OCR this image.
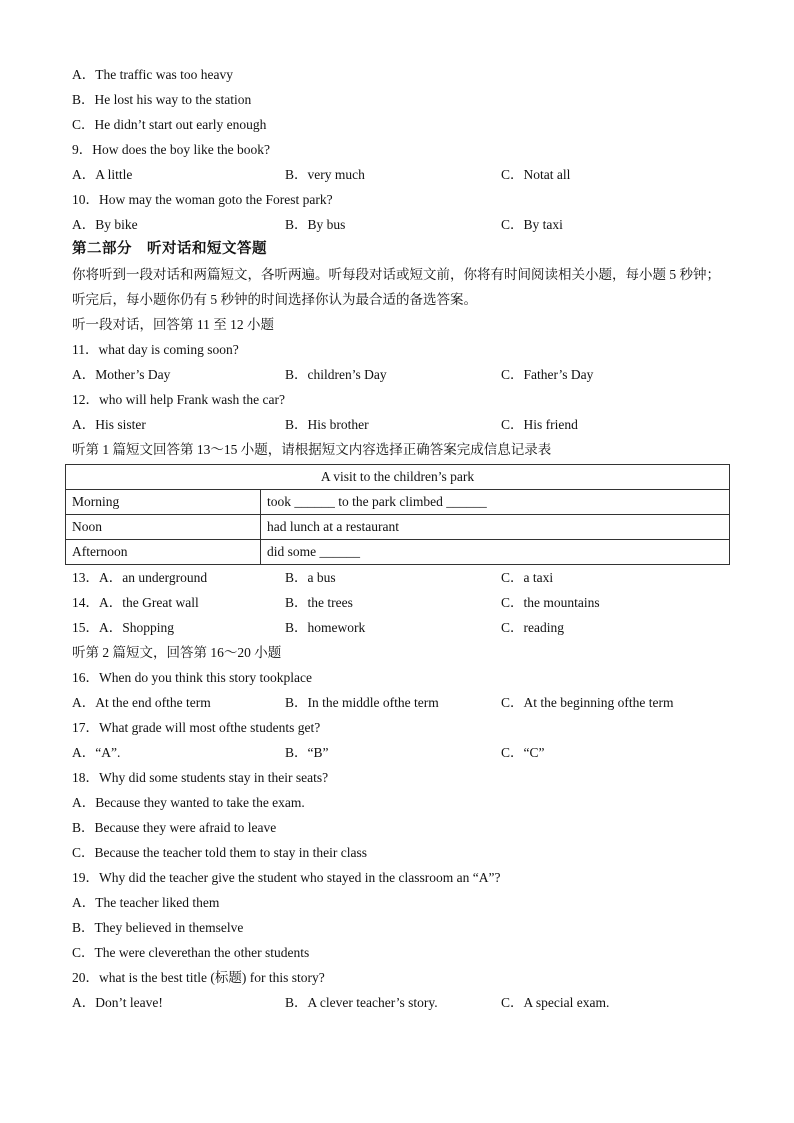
A．The traffic was too heavy
B．He lost his way to the station
C．He didn’t start out early enough
9．How does the boy like the book?
A．A little	B．very much	C．Notat all
10．How may the woman goto the Forest park?
A．By bike	B．By bus	C．By taxi
第二部分　听对话和短文答题
你将听到一段对话和两篇短文，各听两遍。听每段对话或短文前，你将有时间阅读相关小题，每小题 5 秒钟；听完后，每小题你仍有 5 秒钟的时间选择你认为最合适的备选答案。
听一段对话，回答第 11 至 12 小题
11．what day is coming soon?
A．Mother’s Day	B．children’s Day	C．Father’s Day
12．who will help Frank wash the car?
A．His sister	B．His brother	C．His friend
听第 1 篇短文回答第 13～15 小题，请根据短文内容选择正确答案完成信息记录表
A visit to the children’s park	
Morning	took ______ to the park climbed ______
Noon	had lunch at a restaurant
Afternoon	did some ______
13．A．an underground	B．a bus	C．a taxi
14．A．the Great wall	B．the trees	C．the mountains
15．A．Shopping	B．homework	C．reading
听第 2 篇短文，回答第 16～20 小题
16．When do you think this story tookplace
A．At the end ofthe term	B．In the middle ofthe term	C．At the beginning ofthe term
17．What grade will most ofthe students get?
A．“A”.	B．“B”	C．“C”
18．Why did some students stay in their seats?
A．Because they wanted to take the exam.
B．Because they were afraid to leave
C．Because the teacher told them to stay in their class
19．Why did the teacher give the student who stayed in the classroom an “A”?
A．The teacher liked them
B．They believed in themselve
C．The were cleverethan the other students
20．what is the best title (标题) for this story?
A．Don’t leave!	B．A clever teacher’s story.	C．A special exam.
